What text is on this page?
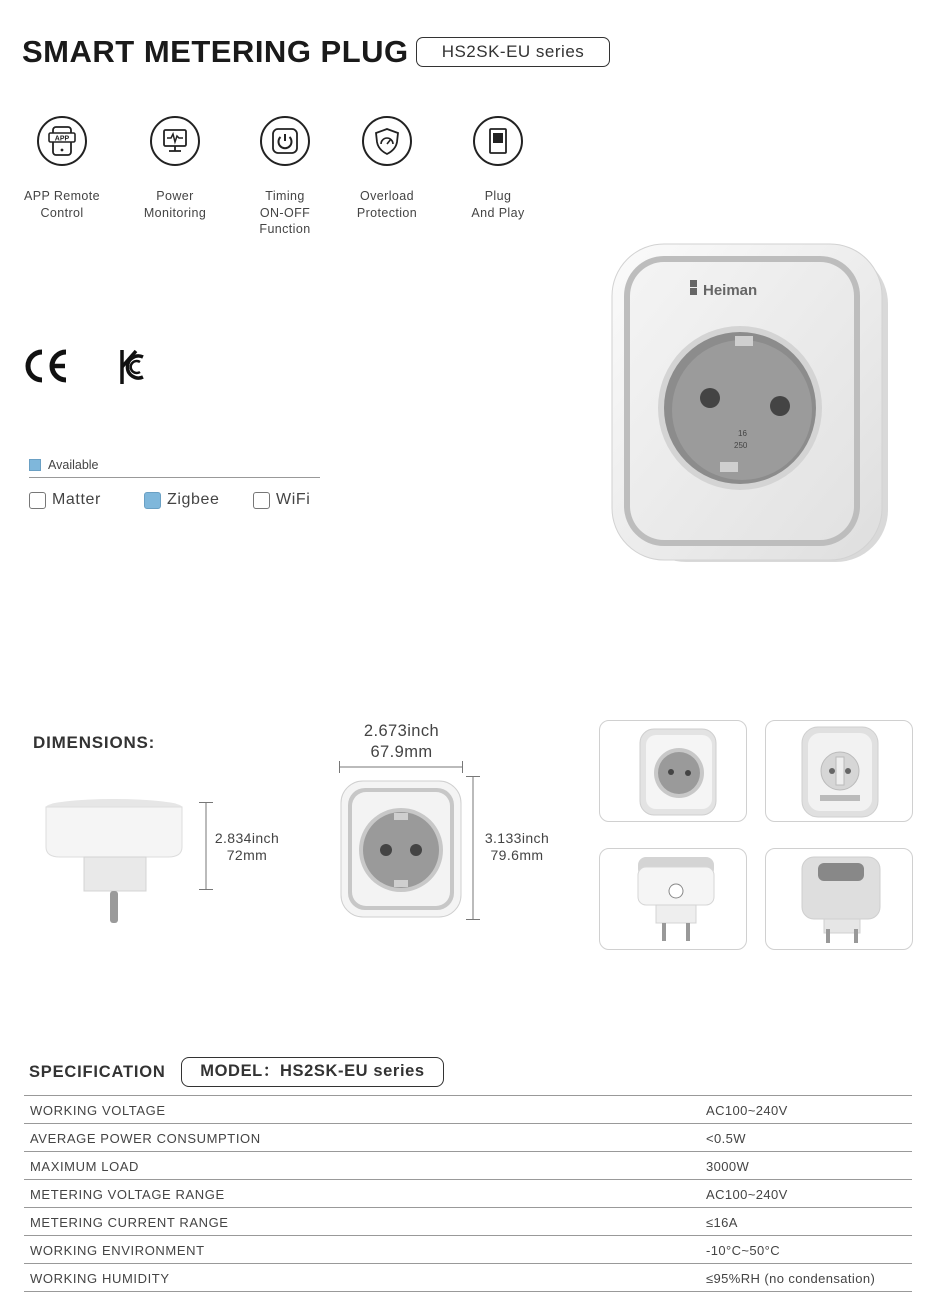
SMART METERING PLUG	HS2SK-EU series
APP
APP Remote
Control
Power
Monitoring
Timing
ON-OFF
Function
Overload
Protection
Plug
And Play
Available
Matter	Zigbee	WiFi
Heiman
16
250
DIMENSIONS:
2.834inch
72mm
2.673inch
67.9mm
3.133inch
79.6mm
SPECIFICATION	MODEL：HS2SK-EU series
WORKING VOLTAGE	AC100~240V
AVERAGE POWER CONSUMPTION	<0.5W
MAXIMUM LOAD	3000W
METERING VOLTAGE RANGE	AC100~240V
METERING CURRENT RANGE	≤16A
WORKING ENVIRONMENT	-10°C~50°C
WORKING HUMIDITY	≤95%RH (no condensation)
